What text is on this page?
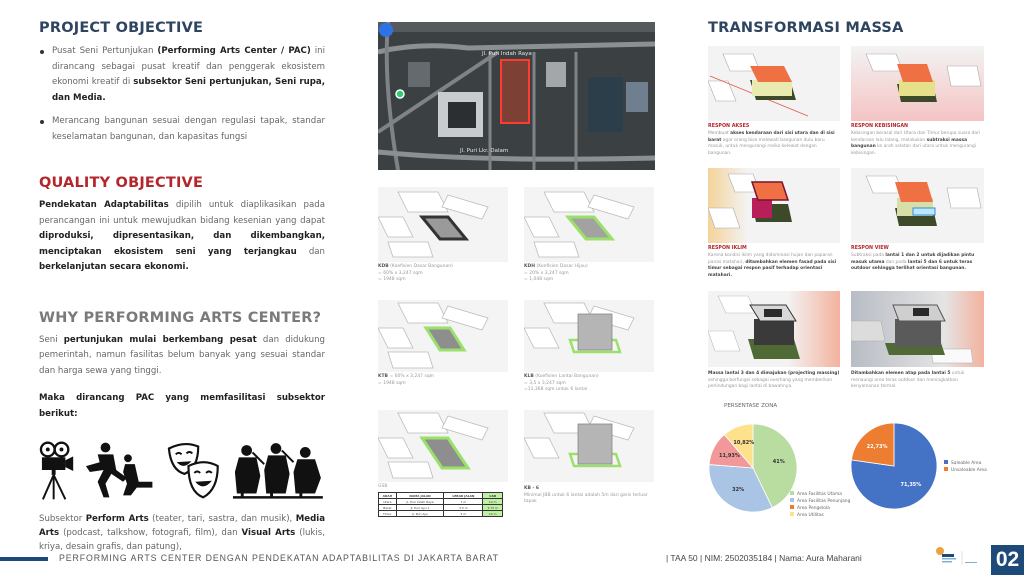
PROJECT OBJECTIVE
Pusat Seni Pertunjukan (Performing Arts Center / PAC) ini dirancang sebagai pusat kreatif dan penggerak ekosistem ekonomi kreatif di subsektor Seni pertunjukan, Seni rupa, dan Media.
Merancang bangunan sesuai dengan regulasi tapak, standar keselamatan bangunan, dan kapasitas fungsi
QUALITY OBJECTIVE

Pendekatan Adaptabilitas dipilih untuk diaplikasikan pada perancangan ini untuk mewujudkan bidang kesenian yang dapat diproduksi, dipresentasikan, dan dikembangkan, menciptakan ekosistem seni yang terjangkau dan berkelanjutan secara ekonomi.

WHY PERFORMING ARTS CENTER?

Seni pertunjukan mulai berkembang pesat dan didukung pemerintah, namun fasilitas belum banyak yang sesuai standar dan harga sewa yang tinggi.

Maka dirancang PAC yang memfasilitasi subsektor berikut:

Subsektor Perform Arts (teater, tari, sastra, dan musik), Media Arts (podcast, talkshow, fotografi, film), dan Visual Arts (lukis, kriya, desain grafis, dan patung),

Jl. Puri Indah Raya
Jl. Puri Lkr. Dalam
KDB (Koefisien Dasar Bangunan)
= 60% x 3,247 sqm
= 1948 sqm
KDH (Koefisien Dasar Hijau)
= 20% x 3,247 sqm
= 1,048 sqm
KTB = 60% x 3,247 sqm
= 1948 sqm
KLB (Koefisien Lantai Bangunan)
= 3,5 x 3,247 sqm
=11,368 sqm untuk 6 lantai
GSB
ARAH	NAMA JALAN	LEBAR JALAN	GSB
Utara	Jl. Puri Indah Raya	7 m	10 m
Barat	Jl. Puri Ayu 1	3,5 m	3,75 m
Timur	Jl. Puri Ayu	5 m	10 m
KB - 6
Minimal JBB untuk 6 lantai adalah 5m dari garis terluar tapak
TRANSFORMASI MASSA
RESPON AKSES
Membuat akses kendaraan dari sisi utara dan di sisi barat agar orang bisa melewati bangunan dulu baru masuk, untuk mengurangi resiko kelewat dengan bangunan.
RESPON KEBISINGAN
Kebisingan berasal dari Utara dan Timur berupa suara dari kendaraan lalu lalang, melakukan subtraksi massa bangunan ke arah selatan dari utara untuk mengurangi kebisingan.
RESPON IKLIM
Karena kondisi iklim yang didominasi hujan dan paparan panas matahari, ditambahkan elemen fasad pada sisi timur sebagai respon pasif terhadap orientasi matahari.
RESPON VIEW
Subtraksi pada lantai 1 dan 2 untuk dijadikan pintu masuk utama dan pada lantai 5 dan 6 untuk teras outdoor sehingga terlihat orientasi bangunan.
Massa lantai 3 dan 4 dimajukan (projecting massing) sehingga berfungsi sebagai overhang yang memberikan perlindungan bagi lantai di bawahnya.
Ditambahkan elemen atap pada lantai 5 untuk menaungi area teras outdoor dan meningkatkan kenyamanan termal.
PERSENTASE ZONA
Area Fasilitas Utama
Area Fasilitas Penunjang
Area Pengelola
Area Utilitas
41%
32%
11,93%
10,82%
Saleable Area
Unsaleable Area
71,35%
22,73%
PERFORMING ARTS CENTER DENGAN PENDEKATAN ADAPTABILITAS DI JAKARTA BARAT	| TAA 50 | NIM: 2502035184 | Nama: Aura Maharani	02
